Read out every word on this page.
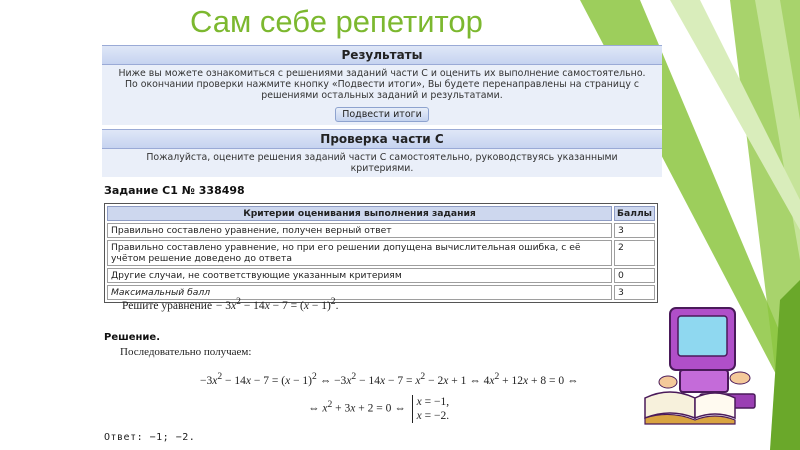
Сам себе репетитор
Результаты
Ниже вы можете ознакомиться с решениями заданий части С и оценить их выполнение самостоятельно. По окончании проверки нажмите кнопку «Подвести итоги», Вы будете перенаправлены на страницу с решениями остальных заданий и результатами.
Подвести итоги
Проверка части С
Пожалуйста, оцените решения заданий части С самостоятельно, руководствуясь указанными критериями.
Задание С1 № 338498
Критерии оценивания выполнения задания	Баллы
Правильно составлено уравнение, получен верный ответ	3
Правильно составлено уравнение, но при его решении допущена вычислительная ошибка, с её учётом решение доведено до ответа	2
Другие случаи, не соответствующие указанным критериям	0
Максимальный балл	3
Решите уравнение  − $3x^2 - 14x - 7 = (x - 1)^2$.
Решение.
Последовательно получаем:
$-3x^2 - 14x - 7 = (x - 1)^2$ ⇔ $-3x^2 - 14x - 7 = x^2 - 2x + 1$ ⇔ $4x^2 + 12x + 8 = 0$ ⇔
⇔ $x^2 + 3x + 2 = 0$ ⇔ x = −1,
x = −2.
Ответ: −1; −2.
